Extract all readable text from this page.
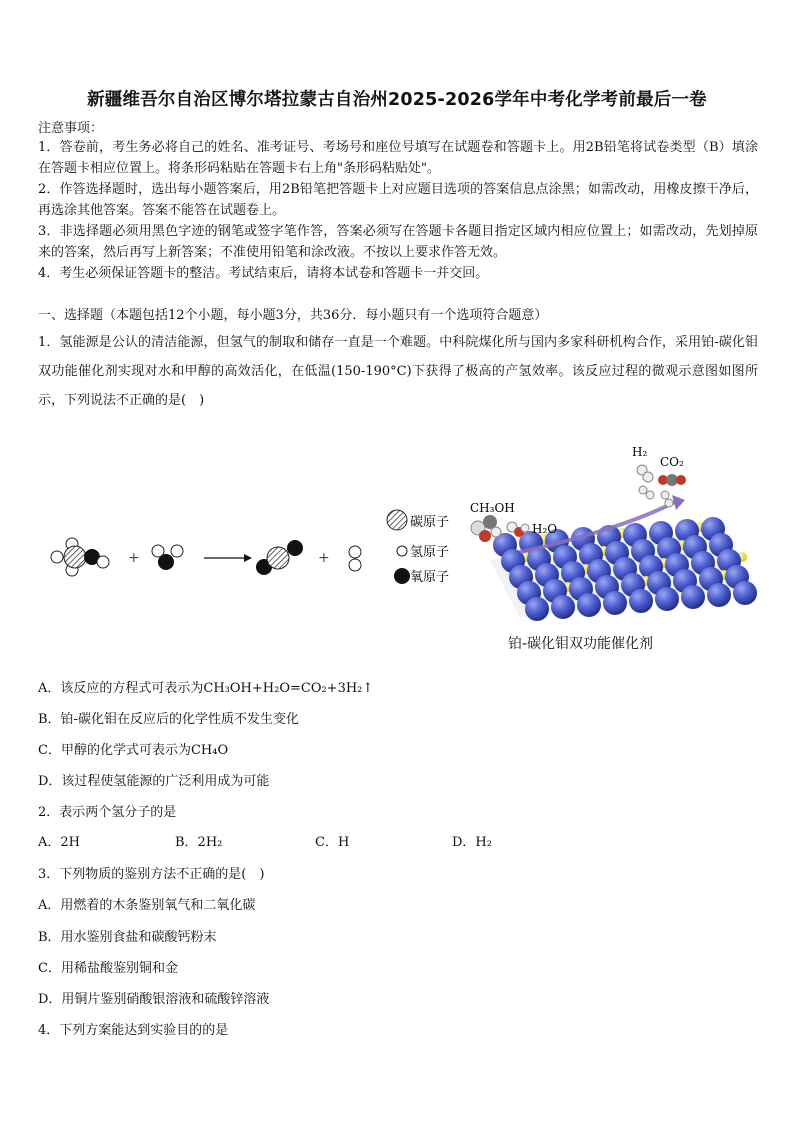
新疆维吾尔自治区博尔塔拉蒙古自治州2025-2026学年中考化学考前最后一卷
注意事项：

1．答卷前，考生务必将自己的姓名、准考证号、考场号和座位号填写在试题卷和答题卡上。用2B铅笔将试卷类型（B）填涂在答题卡相应位置上。将条形码粘贴在答题卡右上角"条形码粘贴处"。

2．作答选择题时，选出每小题答案后，用2B铅笔把答题卡上对应题目选项的答案信息点涂黑；如需改动，用橡皮擦干净后，再选涂其他答案。答案不能答在试题卷上。

3．非选择题必须用黑色字迹的钢笔或签字笔作答，答案必须写在答题卡各题目指定区域内相应位置上；如需改动，先划掉原来的答案，然后再写上新答案；不准使用铅笔和涂改液。不按以上要求作答无效。

4．考生必须保证答题卡的整洁。考试结束后，请将本试卷和答题卡一并交回。

一、选择题（本题包括12个小题，每小题3分，共36分．每小题只有一个选项符合题意）
1．氢能源是公认的清洁能源，但氢气的制取和储存一直是一个难题。中科院煤化所与国内多家科研机构合作，采用铂-碳化钼双功能催化剂实现对水和甲醇的高效活化，在低温(150-190°C)下获得了极高的产氢效率。该反应过程的微观示意图如图所示，下列说法不正确的是(　)
+	+
碳原子
氢原子
氧原子
CH₃OH
H₂O
H₂
CO₂
铂-碳化钼双功能催化剂
A．该反应的方程式可表示为CH₃OH+H₂O=CO₂+3H₂↑
B．铂-碳化钼在反应后的化学性质不发生变化
C．甲醇的化学式可表示为CH₄O
D．该过程使氢能源的广泛利用成为可能
2．表示两个氢分子的是
A．2H	B．2H₂	C．H	D．H₂
3．下列物质的鉴别方法不正确的是(　)
A．用燃着的木条鉴别氧气和二氧化碳
B．用水鉴别食盐和碳酸钙粉末
C．用稀盐酸鉴别铜和金
D．用铜片鉴别硝酸银溶液和硫酸锌溶液
4．下列方案能达到实验目的的是
